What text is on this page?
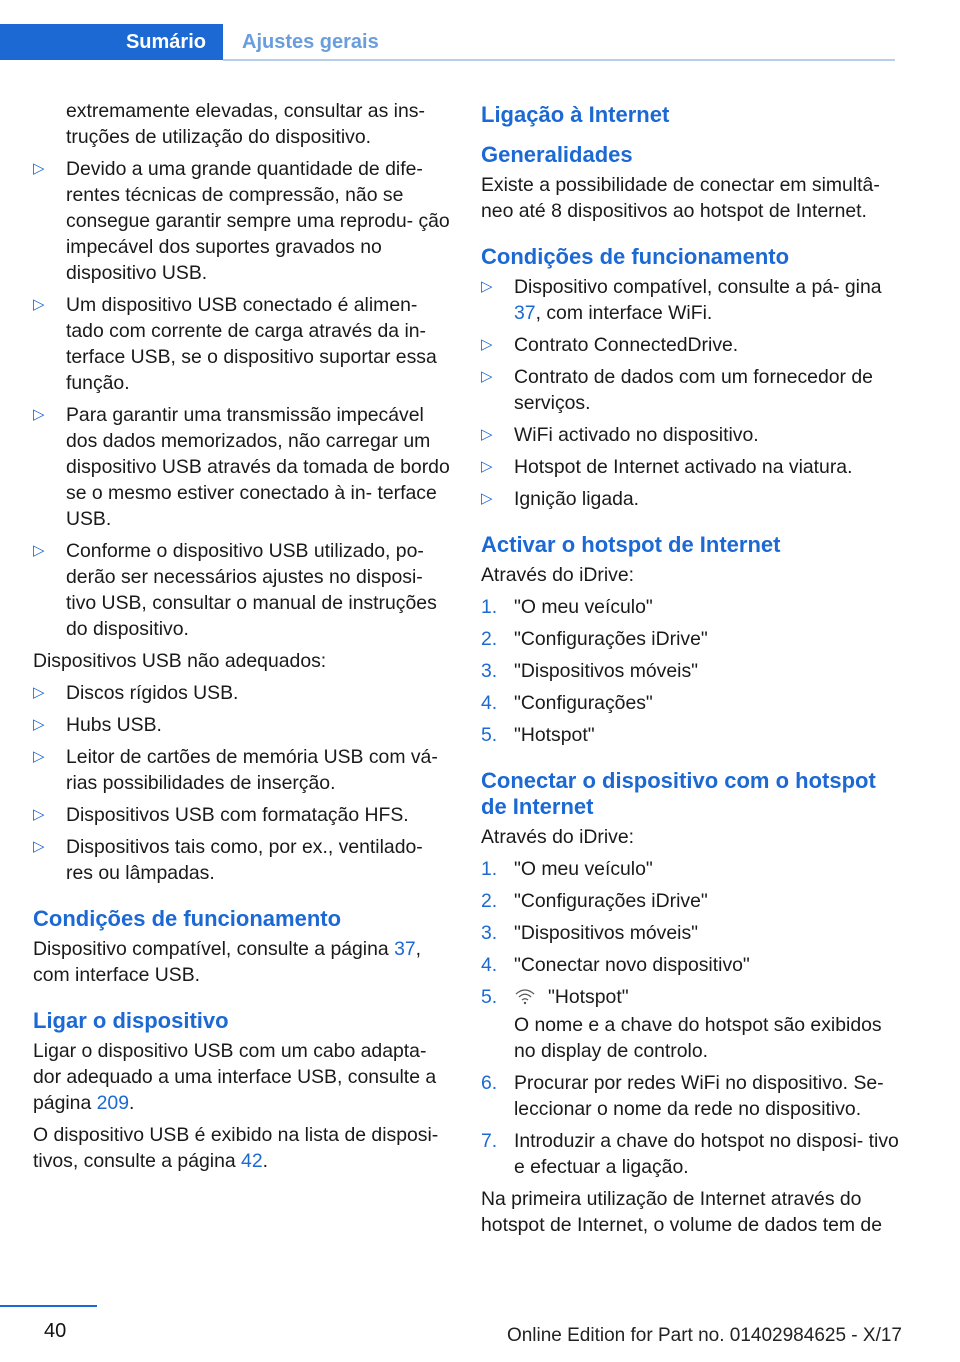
Sumário	Ajustes gerais
extremamente elevadas, consultar as ins-
truções de utilização do dispositivo.
▷ Devido a uma grande quantidade de dife- rentes técnicas de compressão, não se consegue garantir sempre uma reprodu- ção impecável dos suportes gravados no dispositivo USB.
▷ Um dispositivo USB conectado é alimen- tado com corrente de carga através da in- terface USB, se o dispositivo suportar essa função.
▷ Para garantir uma transmissão impecável dos dados memorizados, não carregar um dispositivo USB através da tomada de bordo se o mesmo estiver conectado à in- terface USB.
▷ Conforme o dispositivo USB utilizado, po- derão ser necessários ajustes no disposi- tivo USB, consultar o manual de instruções do dispositivo.
Dispositivos USB não adequados:
▷ Discos rígidos USB.
▷ Hubs USB.
▷ Leitor de cartões de memória USB com vá- rias possibilidades de inserção.
▷ Dispositivos USB com formatação HFS.
▷ Dispositivos tais como, por ex., ventilado- res ou lâmpadas.
Condições de funcionamento
Dispositivo compatível, consulte a página 37, com interface USB.
Ligar o dispositivo
Ligar o dispositivo USB com um cabo adapta- dor adequado a uma interface USB, consulte a página 209.
O dispositivo USB é exibido na lista de disposi- tivos, consulte a página 42.
Ligação à Internet
Generalidades
Existe a possibilidade de conectar em simultâ- neo até 8 dispositivos ao hotspot de Internet.
Condições de funcionamento
▷ Dispositivo compatível, consulte a pá- gina 37, com interface WiFi.
▷ Contrato ConnectedDrive.
▷ Contrato de dados com um fornecedor de serviços.
▷ WiFi activado no dispositivo.
▷ Hotspot de Internet activado na viatura.
▷ Ignição ligada.
Activar o hotspot de Internet
Através do iDrive:
1. "O meu veículo"
2. "Configurações iDrive"
3. "Dispositivos móveis"
4. "Configurações"
5. "Hotspot"
Conectar o dispositivo com o hotspot de Internet
Através do iDrive:
1. "O meu veículo"
2. "Configurações iDrive"
3. "Dispositivos móveis"
4. "Conectar novo dispositivo"
5.	"Hotspot"
O nome e a chave do hotspot são exibidos no display de controlo.
6. Procurar por redes WiFi no dispositivo. Se- leccionar o nome da rede no dispositivo.
7. Introduzir a chave do hotspot no disposi- tivo e efectuar a ligação.
Na primeira utilização de Internet através do hotspot de Internet, o volume de dados tem de
40	Online Edition for Part no. 01402984625 - X/17
